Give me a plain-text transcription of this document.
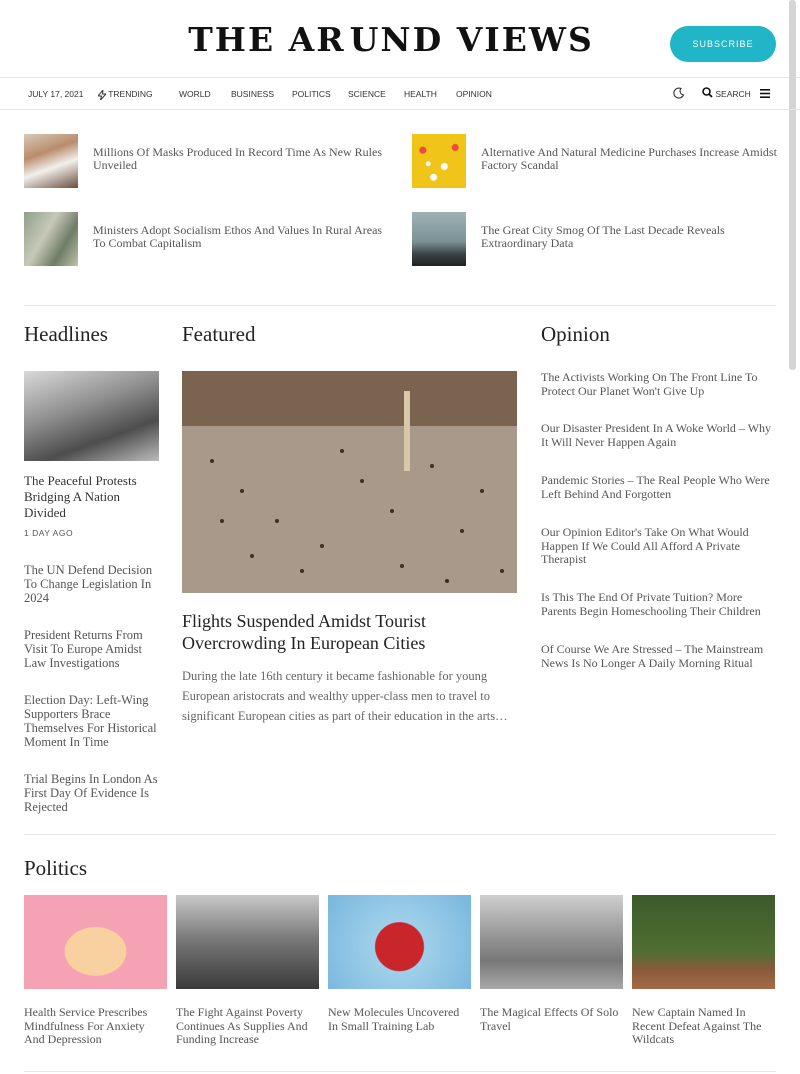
THE AR UND VIEWS	SUBSCRIBE
JULY 17, 2021	TRENDING	WORLD BUSINESS POLITICS SCIENCE HEALTH OPINION	SEARCH
Millions Of Masks Produced In Record Time As New Rules Unveiled
Alternative And Natural Medicine Purchases Increase Amidst Factory Scandal
Ministers Adopt Socialism Ethos And Values In Rural Areas To Combat Capitalism
The Great City Smog Of The Last Decade Reveals Extraordinary Data
Headlines
The Peaceful Protests Bridging A Nation Divided
1 DAY AGO
The UN Defend Decision To Change Legislation In 2024
President Returns From Visit To Europe Amidst Law Investigations
Election Day: Left-Wing Supporters Brace Themselves For Historical Moment In Time
Trial Begins In London As First Day Of Evidence Is Rejected
Featured
Flights Suspended Amidst Tourist Overcrowding In European Cities
During the late 16th century it became fashionable for young European aristocrats and wealthy upper-class men to travel to significant European cities as part of their education in the arts…
Opinion
The Activists Working On The Front Line To Protect Our Planet Won't Give Up
Our Disaster President In A Woke World – Why It Will Never Happen Again
Pandemic Stories – The Real People Who Were Left Behind And Forgotten
Our Opinion Editor's Take On What Would Happen If We Could All Afford A Private Therapist
Is This The End Of Private Tuition? More Parents Begin Homeschooling Their Children
Of Course We Are Stressed – The Mainstream News Is No Longer A Daily Morning Ritual
Politics
Health Service Prescribes Mindfulness For Anxiety And Depression
The Fight Against Poverty Continues As Supplies And Funding Increase
New Molecules Uncovered In Small Training Lab
The Magical Effects Of Solo Travel
New Captain Named In Recent Defeat Against The Wildcats
